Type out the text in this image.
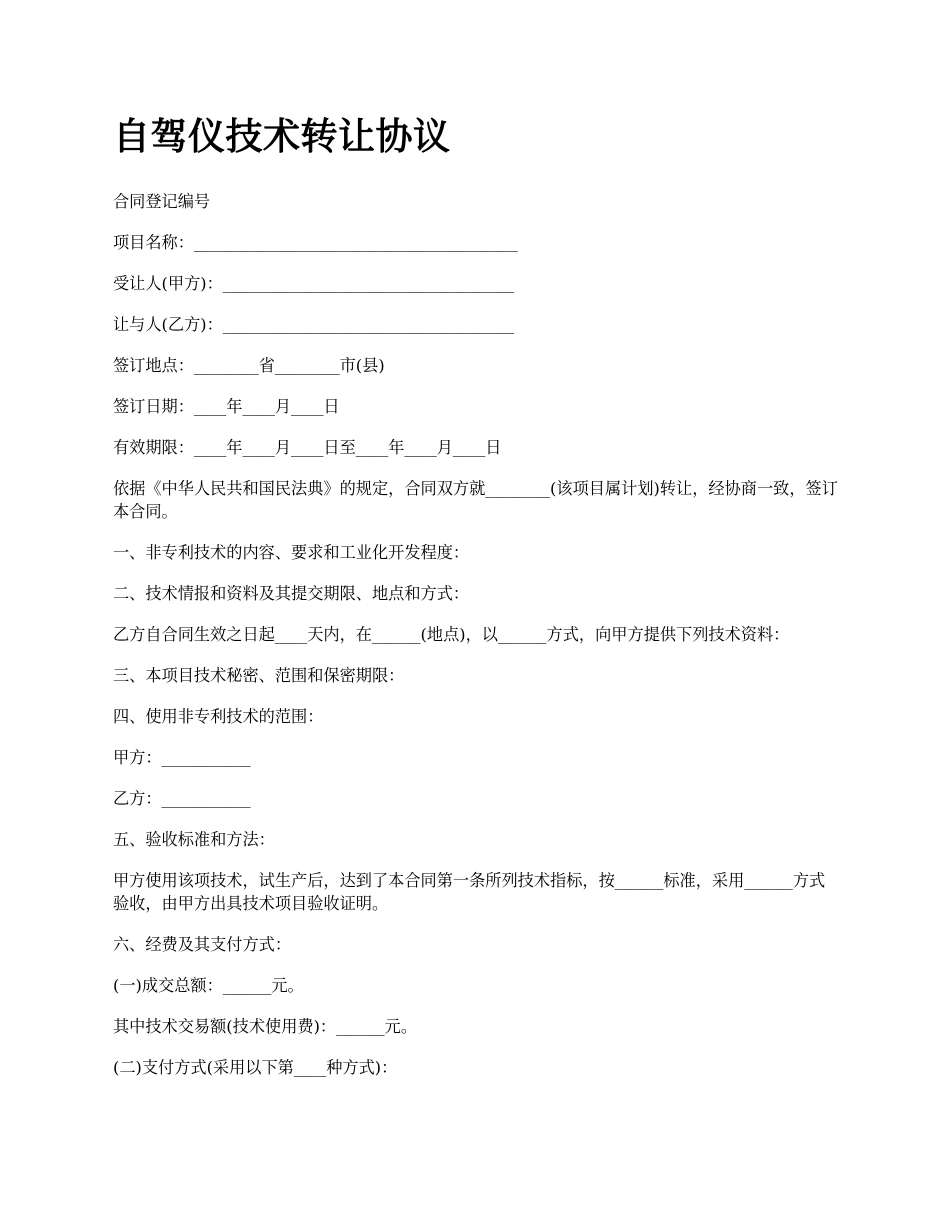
自驾仪技术转让协议

合同登记编号

项目名称：________________________________________

受让人(甲方)：____________________________________

让与人(乙方)：____________________________________

签订地点：________省________市(县)

签订日期：____年____月____日

有效期限：____年____月____日至____年____月____日

依据《中华人民共和国民法典》的规定，合同双方就________(该项目属计划)转让，经协商一致，签订本合同。

一、非专利技术的内容、要求和工业化开发程度：

二、技术情报和资料及其提交期限、地点和方式：

乙方自合同生效之日起____天内，在______(地点)，以______方式，向甲方提供下列技术资料：

三、本项目技术秘密、范围和保密期限：

四、使用非专利技术的范围：

甲方：___________

乙方：___________

五、验收标准和方法：

甲方使用该项技术，试生产后，达到了本合同第一条所列技术指标，按______标准，采用______方式验收，由甲方出具技术项目验收证明。

六、经费及其支付方式：

(一)成交总额：______元。

其中技术交易额(技术使用费)：______元。

(二)支付方式(采用以下第____种方式)：
